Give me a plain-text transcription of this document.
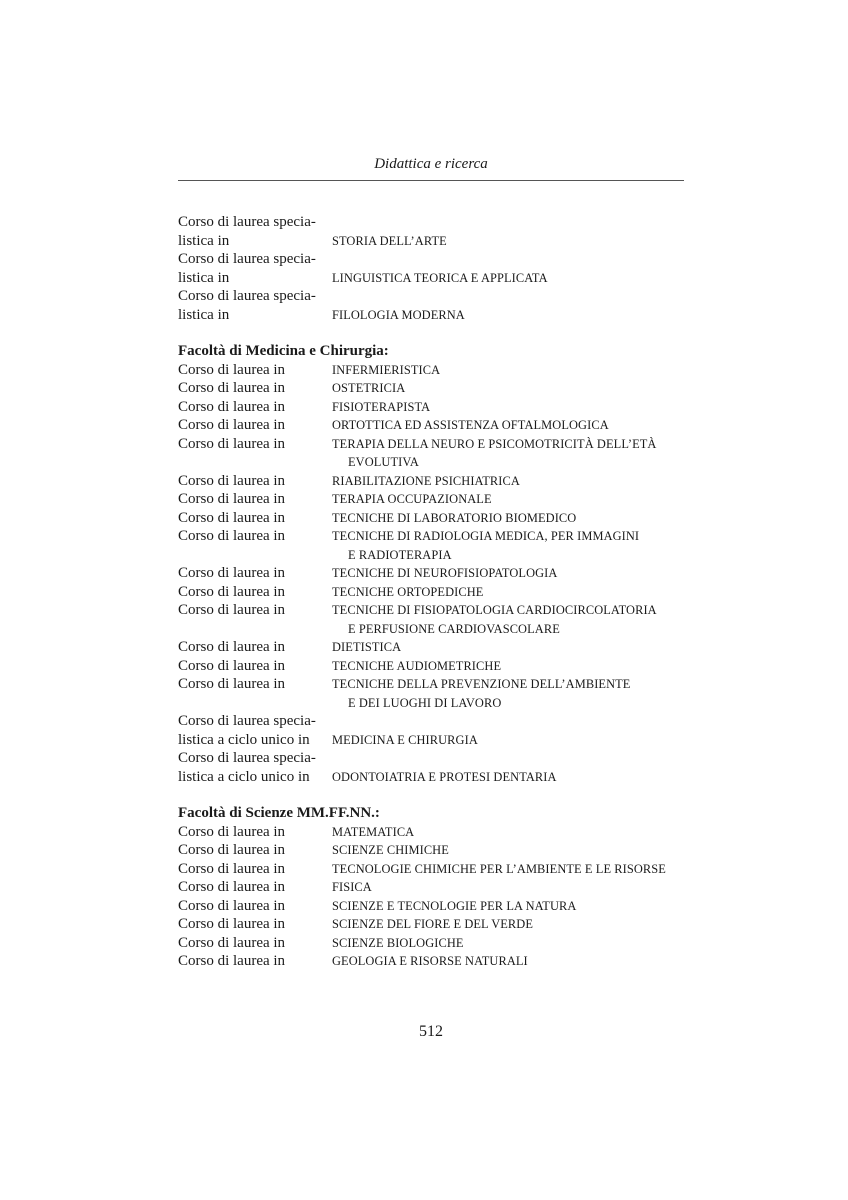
Didattica e ricerca
Corso di laurea specia-
listica in	STORIA DELL’ARTE
Corso di laurea specia-
listica in	LINGUISTICA TEORICA E APPLICATA
Corso di laurea specia-
listica in	FILOLOGIA MODERNA
Facoltà di Medicina e Chirurgia:
Corso di laurea in	INFERMIERISTICA
Corso di laurea in	OSTETRICIA
Corso di laurea in	FISIOTERAPISTA
Corso di laurea in	ORTOTTICA ED ASSISTENZA OFTALMOLOGICA
Corso di laurea in	TERAPIA DELLA NEURO E PSICOMOTRICITÀ DELL’ETÀ
EVOLUTIVA
Corso di laurea in	RIABILITAZIONE PSICHIATRICA
Corso di laurea in	TERAPIA OCCUPAZIONALE
Corso di laurea in	TECNICHE DI LABORATORIO BIOMEDICO
Corso di laurea in	TECNICHE DI RADIOLOGIA MEDICA, PER IMMAGINI
E RADIOTERAPIA
Corso di laurea in	TECNICHE DI NEUROFISIOPATOLOGIA
Corso di laurea in	TECNICHE ORTOPEDICHE
Corso di laurea in	TECNICHE DI FISIOPATOLOGIA CARDIOCIRCOLATORIA
E PERFUSIONE CARDIOVASCOLARE
Corso di laurea in	DIETISTICA
Corso di laurea in	TECNICHE AUDIOMETRICHE
Corso di laurea in	TECNICHE DELLA PREVENZIONE DELL’AMBIENTE
E DEI LUOGHI DI LAVORO
Corso di laurea specia-
listica a ciclo unico in	MEDICINA E CHIRURGIA
Corso di laurea specia-
listica a ciclo unico in	ODONTOIATRIA E PROTESI DENTARIA
Facoltà di Scienze MM.FF.NN.:
Corso di laurea in	MATEMATICA
Corso di laurea in	SCIENZE CHIMICHE
Corso di laurea in	TECNOLOGIE CHIMICHE PER L’AMBIENTE E LE RISORSE
Corso di laurea in	FISICA
Corso di laurea in	SCIENZE E TECNOLOGIE PER LA NATURA
Corso di laurea in	SCIENZE DEL FIORE E DEL VERDE
Corso di laurea in	SCIENZE BIOLOGICHE
Corso di laurea in	GEOLOGIA E RISORSE NATURALI
512
